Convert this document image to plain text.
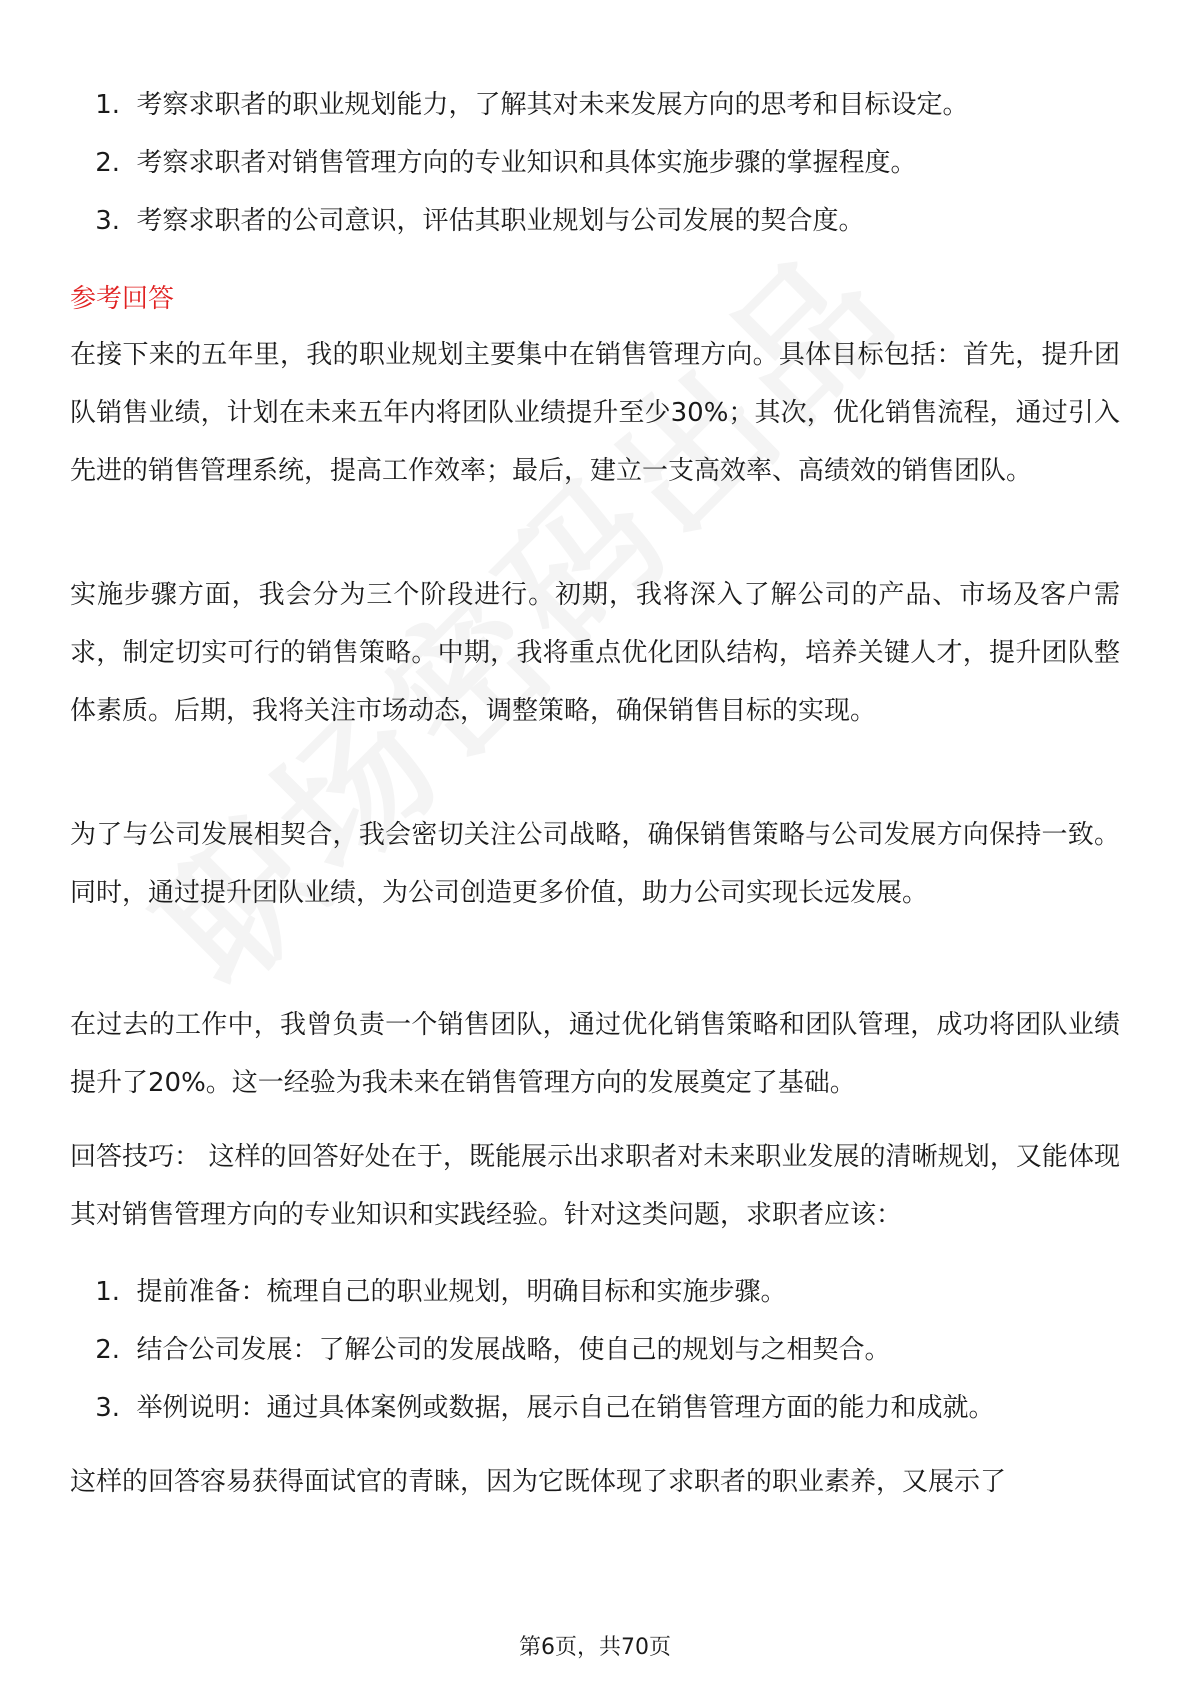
1. 考察求职者的职业规划能力，了解其对未来发展方向的思考和目标设定。
2. 考察求职者对销售管理方向的专业知识和具体实施步骤的掌握程度。
3. 考察求职者的公司意识，评估其职业规划与公司发展的契合度。
参考回答

在接下来的五年里，我的职业规划主要集中在销售管理方向。具体目标包括：首先，提升团队销售业绩，计划在未来五年内将团队业绩提升至少30%；其次，优化销售流程，通过引入先进的销售管理系统，提高工作效率；最后，建立一支高效率、高绩效的销售团队。

实施步骤方面，我会分为三个阶段进行。初期，我将深入了解公司的产品、市场及客户需求，制定切实可行的销售策略。中期，我将重点优化团队结构，培养关键人才，提升团队整体素质。后期，我将关注市场动态，调整策略，确保销售目标的实现。

为了与公司发展相契合，我会密切关注公司战略，确保销售策略与公司发展方向保持一致。同时，通过提升团队业绩，为公司创造更多价值，助力公司实现长远发展。

在过去的工作中，我曾负责一个销售团队，通过优化销售策略和团队管理，成功将团队业绩提升了20%。这一经验为我未来在销售管理方向的发展奠定了基础。

回答技巧： 这样的回答好处在于，既能展示出求职者对未来职业发展的清晰规划，又能体现其对销售管理方向的专业知识和实践经验。针对这类问题，求职者应该：

1. 提前准备：梳理自己的职业规划，明确目标和实施步骤。
2. 结合公司发展：了解公司的发展战略，使自己的规划与之相契合。
3. 举例说明：通过具体案例或数据，展示自己在销售管理方面的能力和成就。

这样的回答容易获得面试官的青睐，因为它既体现了求职者的职业素养，又展示了

第6页，共70页
